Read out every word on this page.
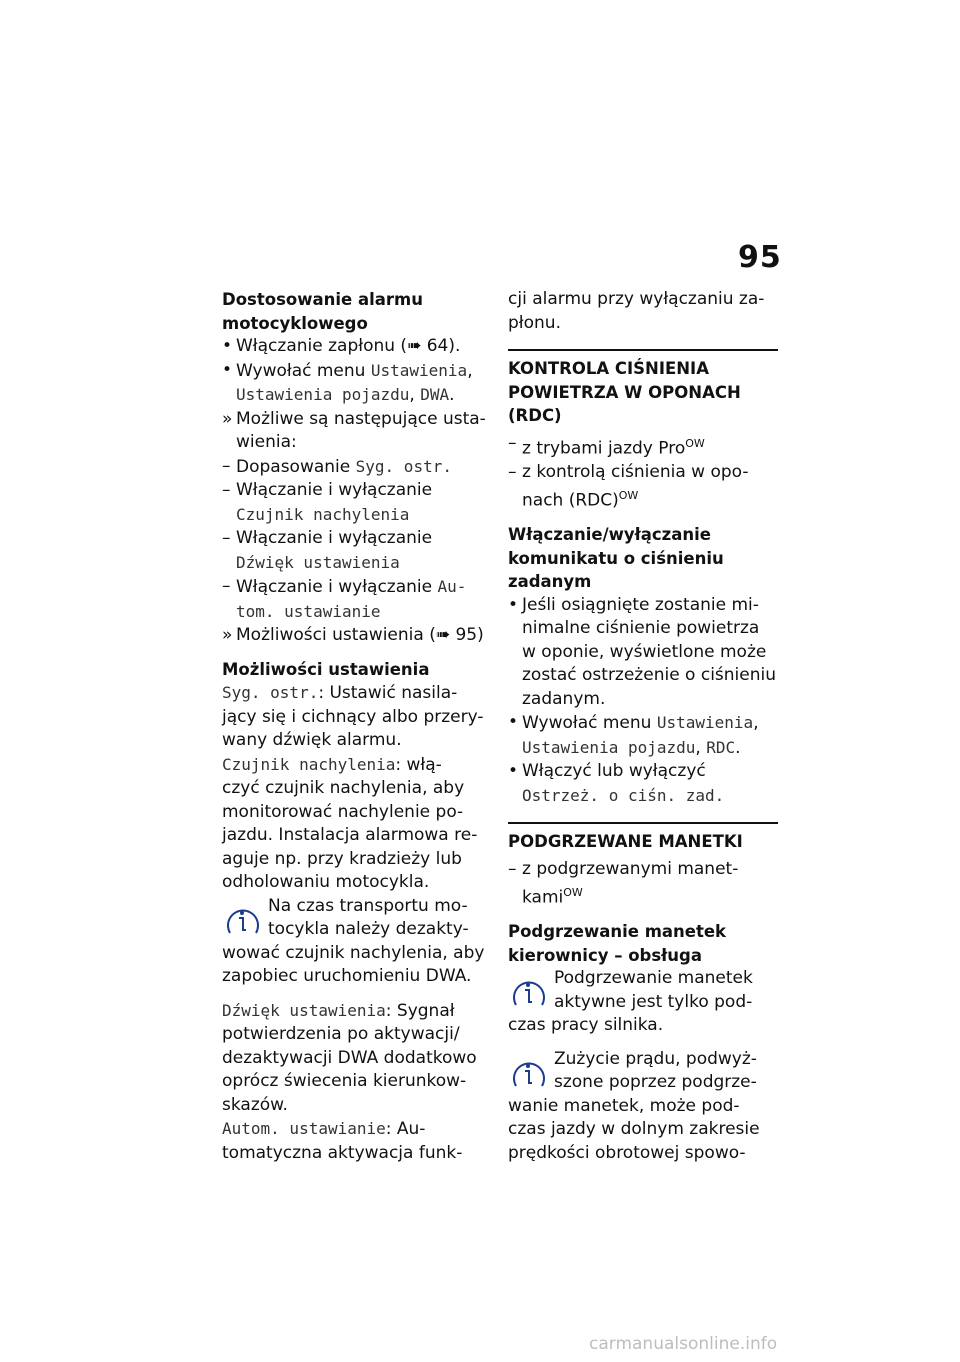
95

Dostosowanie alarmu
motocyklowego

• Włączanie zapłonu (➠ 64).

• Wywołać menu Ustawienia,
Ustawienia pojazdu, DWA.

» Możliwe są następujące usta-
wienia:

– Dopasowanie Syg. ostr.

– Włączanie i wyłączanie
Czujnik nachylenia

– Włączanie i wyłączanie
Dźwięk ustawienia

– Włączanie i wyłączanie Au-
tom. ustawianie

» Możliwości ustawienia (➠ 95)

Możliwości ustawienia

Syg. ostr.: Ustawić nasila-
jący się i cichnący albo przery-
wany dźwięk alarmu.

Czujnik nachylenia: włą-
czyć czujnik nachylenia, aby
monitorować nachylenie po-
jazdu. Instalacja alarmowa re-
aguje np. przy kradzieży lub
odholowaniu motocykla.

Na czas transportu mo-
tocykla należy dezakty-
wować czujnik nachylenia, aby
zapobiec uruchomieniu DWA.

Dźwięk ustawienia: Sygnał
potwierdzenia po aktywacji/
dezaktywacji DWA dodatkowo
oprócz świecenia kierunkow-
skazów.

Autom. ustawianie: Au-
tomatyczna aktywacja funk-

cji alarmu przy wyłączaniu za-
płonu.

KONTROLA CIŚNIENIA
POWIETRZA W OPONACH
(RDC)

– z trybami jazdy Pro$^{OW}$

– z kontrolą ciśnienia w opo-
nach (RDC)$^{OW}$

Włączanie/wyłączanie
komunikatu o ciśnieniu
zadanym

• Jeśli osiągnięte zostanie mi-
nimalne ciśnienie powietrza
w oponie, wyświetlone może
zostać ostrzeżenie o ciśnieniu
zadanym.

• Wywołać menu Ustawienia,
Ustawienia pojazdu, RDC.

• Włączyć lub wyłączyć
Ostrzeż. o ciśn. zad.

PODGRZEWANE MANETKI

– z podgrzewanymi manet-
kami$^{OW}$

Podgrzewanie manetek
kierownicy – obsługa

Podgrzewanie manetek
aktywne jest tylko pod-
czas pracy silnika.
Zużycie prądu, podwyż-
szone poprzez podgrze-
wanie manetek, może pod-
czas jazdy w dolnym zakresie
prędkości obrotowej spowo-
carmanualsonline.info
